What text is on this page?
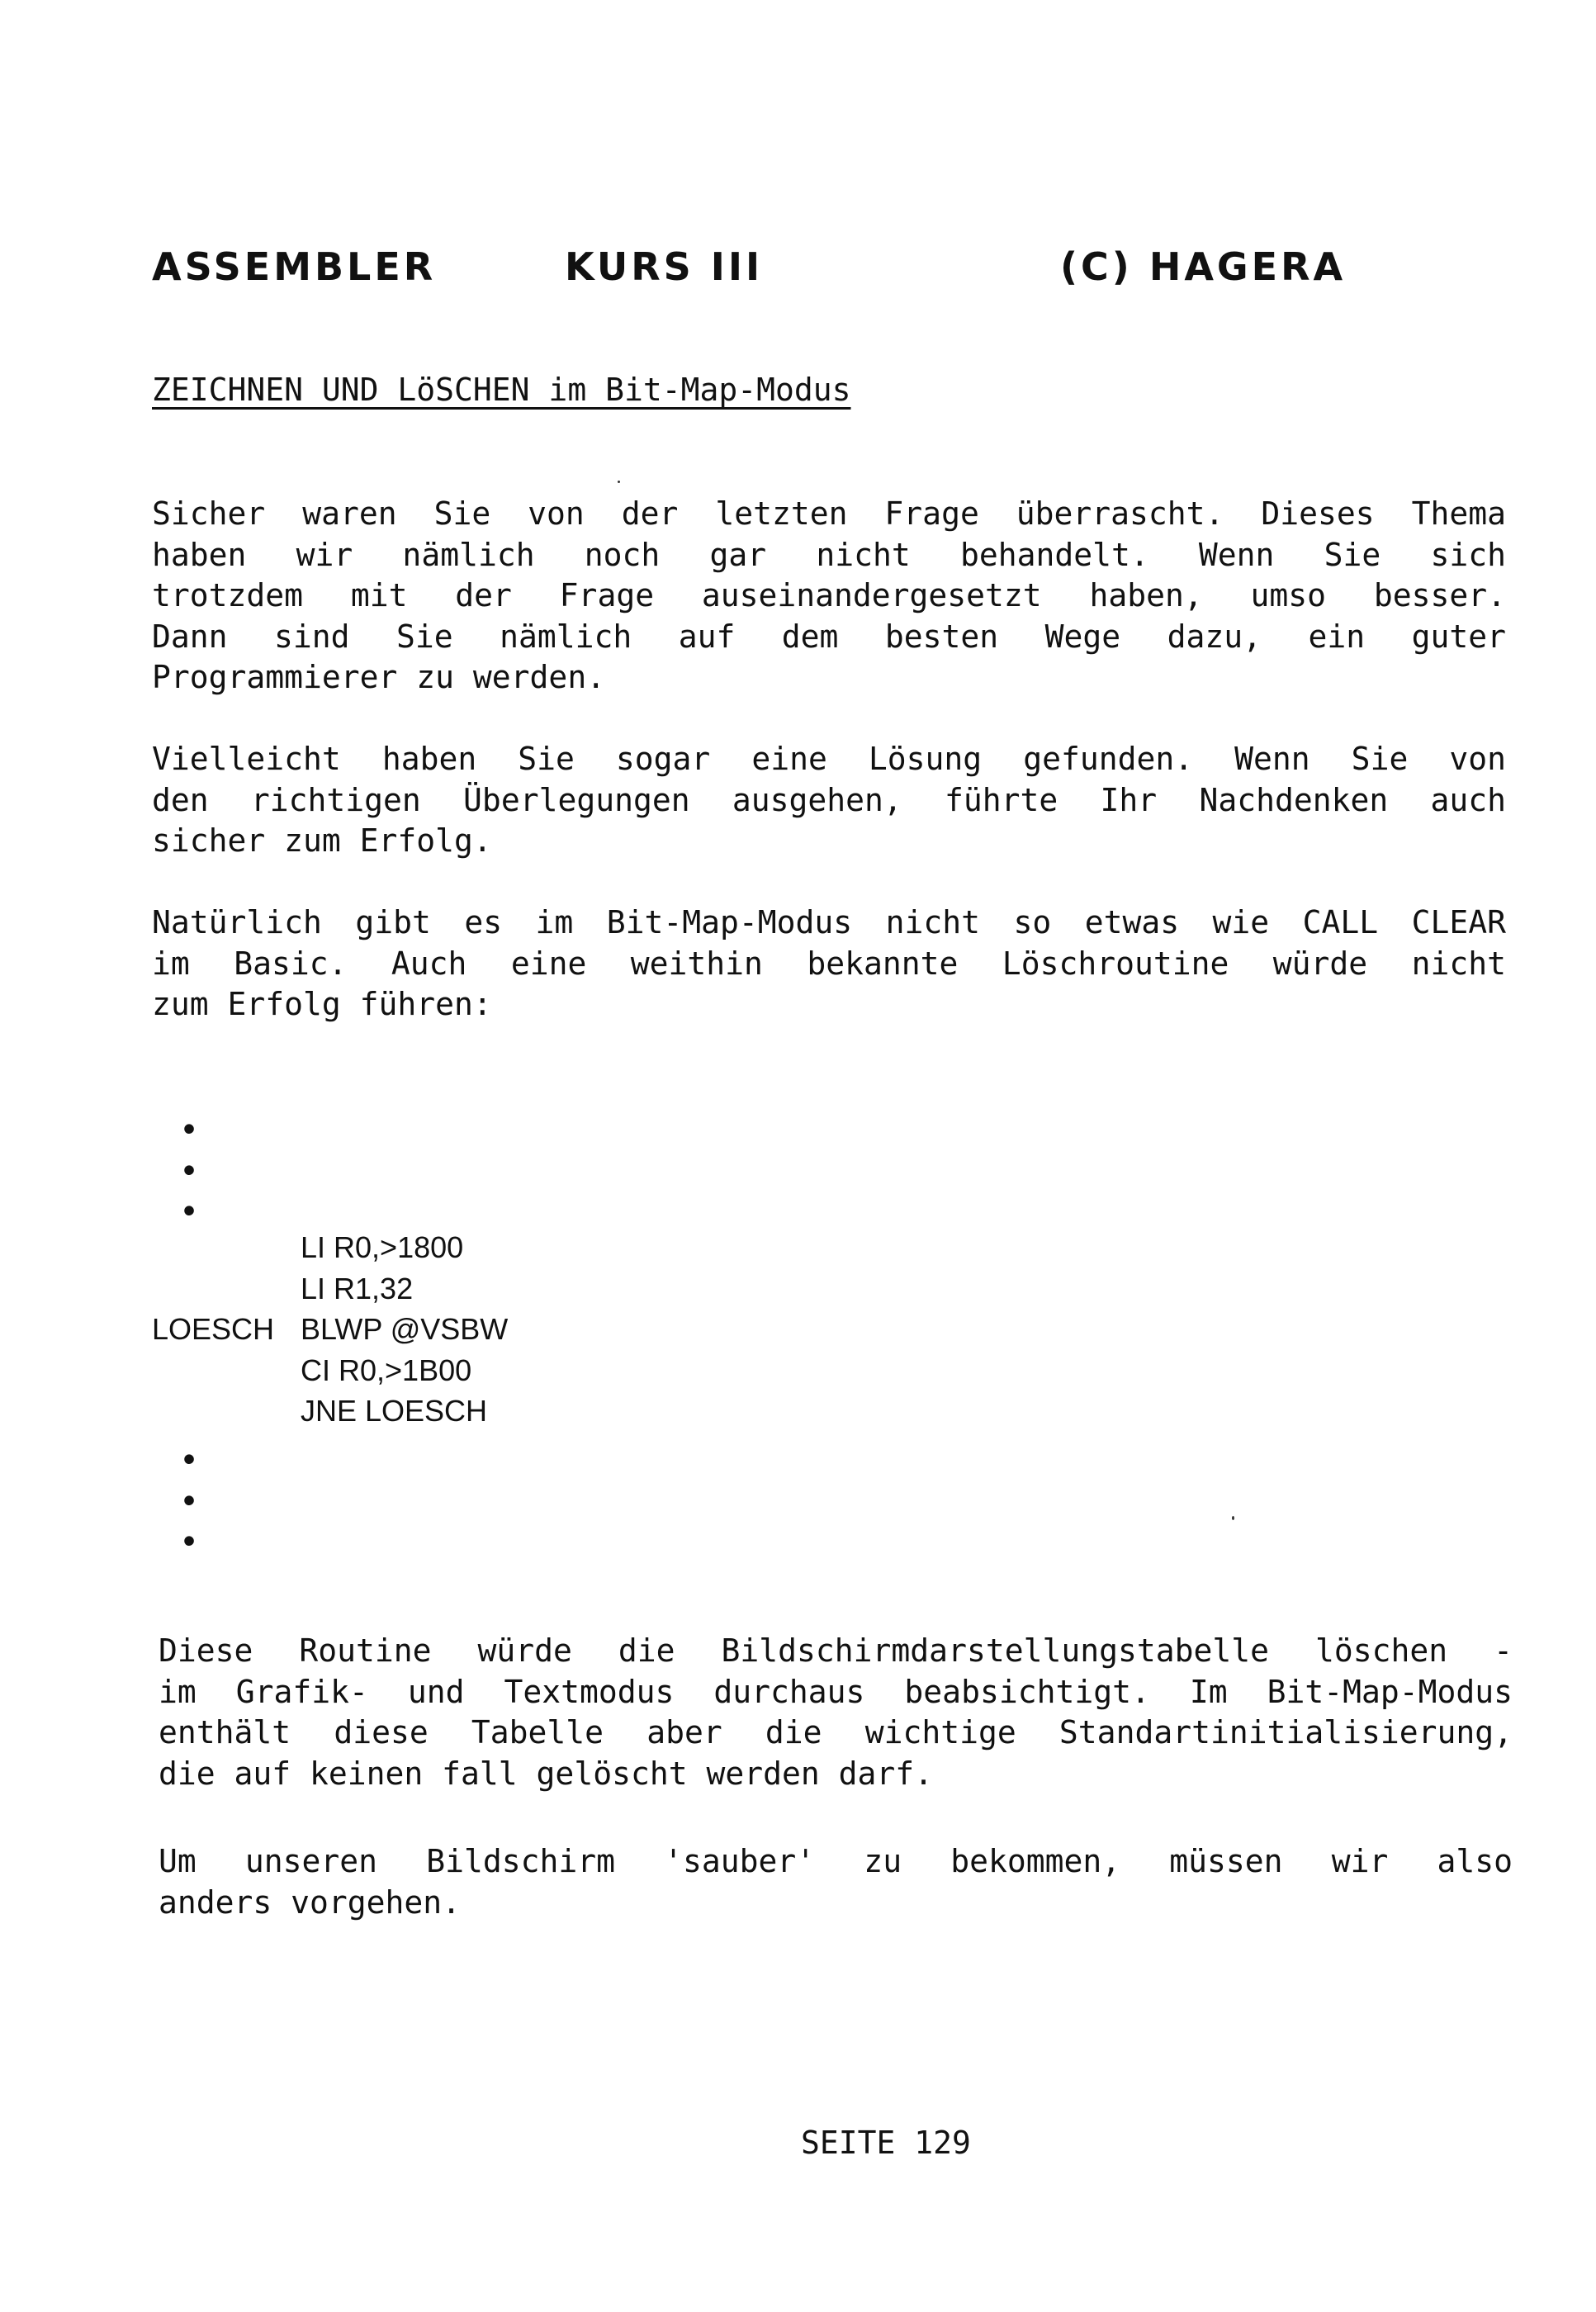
ASSEMBLER	KURS III	(C) HAGERA
ZEICHNEN UND LöSCHEN im Bit-Map-Modus

Sicher waren Sie von der letzten Frage überrascht. Dieses Thema
haben wir nämlich noch gar nicht behandelt. Wenn Sie sich
trotzdem mit der Frage auseinandergesetzt haben, umso besser.
Dann sind Sie nämlich auf dem besten Wege dazu, ein guter
Programmierer zu werden.

Vielleicht haben Sie sogar eine Lösung gefunden. Wenn Sie von
den richtigen Überlegungen ausgehen, führte Ihr Nachdenken auch
sicher zum Erfolg.

Natürlich gibt es im Bit-Map-Modus nicht so etwas wie CALL CLEAR
im Basic. Auch eine weithin bekannte Löschroutine würde nicht
zum Erfolg führen:

•
•
•
LI R0,>1800
LI R1,32
LOESCH BLWP @VSBW
CI R0,>1B00
JNE LOESCH
•
•
•

Diese Routine würde die Bildschirmdarstellungstabelle löschen -
im Grafik- und Textmodus durchaus beabsichtigt. Im Bit-Map-Modus
enthält diese Tabelle aber die wichtige Standartinitialisierung,
die auf keinen fall gelöscht werden darf.

Um unseren Bildschirm 'sauber' zu bekommen, müssen wir also
anders vorgehen.

SEITE 129
